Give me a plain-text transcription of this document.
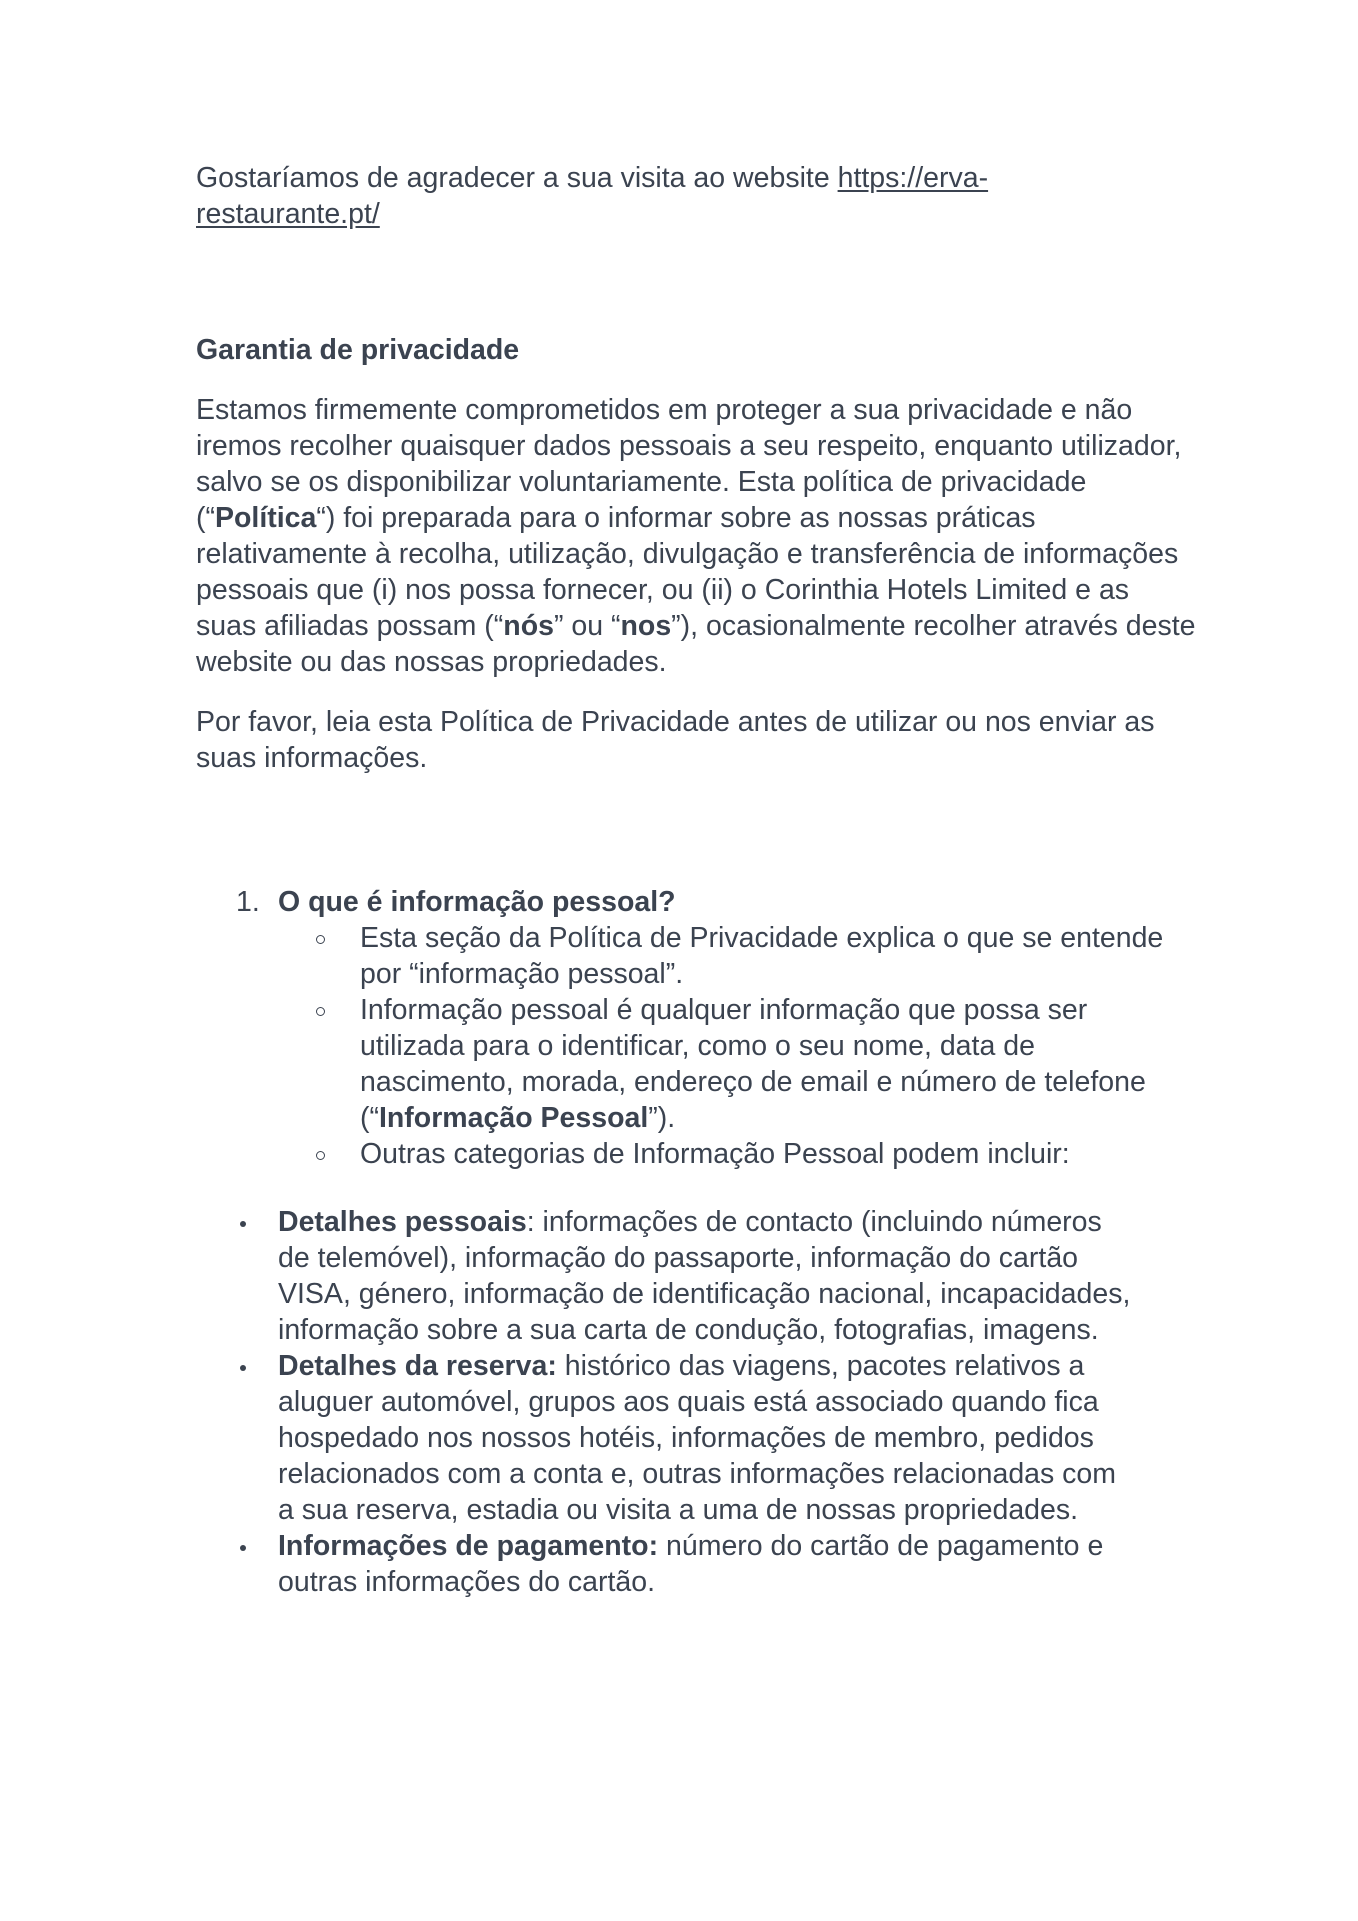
Gostaríamos de agradecer a sua visita ao website https://erva-
restaurante.pt/

Garantia de privacidade

Estamos firmemente comprometidos em proteger a sua privacidade e não iremos recolher quaisquer dados pessoais a seu respeito, enquanto utilizador, salvo se os disponibilizar voluntariamente. Esta política de privacidade (“Política“) foi preparada para o informar sobre as nossas práticas relativamente à recolha, utilização, divulgação e transferência de informações pessoais que (i) nos possa fornecer, ou (ii) o Corinthia Hotels Limited e as suas afiliadas possam (“nós” ou “nos”), ocasionalmente recolher através deste website ou das nossas propriedades.

Por favor, leia esta Política de Privacidade antes de utilizar ou nos enviar as suas informações.

1. O que é informação pessoal?
Esta seção da Política de Privacidade explica o que se entende por “informação pessoal”.
Informação pessoal é qualquer informação que possa ser utilizada para o identificar, como o seu nome, data de nascimento, morada, endereço de email e número de telefone (“Informação Pessoal”).
Outras categorias de Informação Pessoal podem incluir:
Detalhes pessoais: informações de contacto (incluindo números de telemóvel), informação do passaporte, informação do cartão VISA, género, informação de identificação nacional, incapacidades, informação sobre a sua carta de condução, fotografias, imagens.
Detalhes da reserva: histórico das viagens, pacotes relativos a aluguer automóvel, grupos aos quais está associado quando fica hospedado nos nossos hotéis, informações de membro, pedidos relacionados com a conta e, outras informações relacionadas com a sua reserva, estadia ou visita a uma de nossas propriedades.
Informações de pagamento: número do cartão de pagamento e outras informações do cartão.
